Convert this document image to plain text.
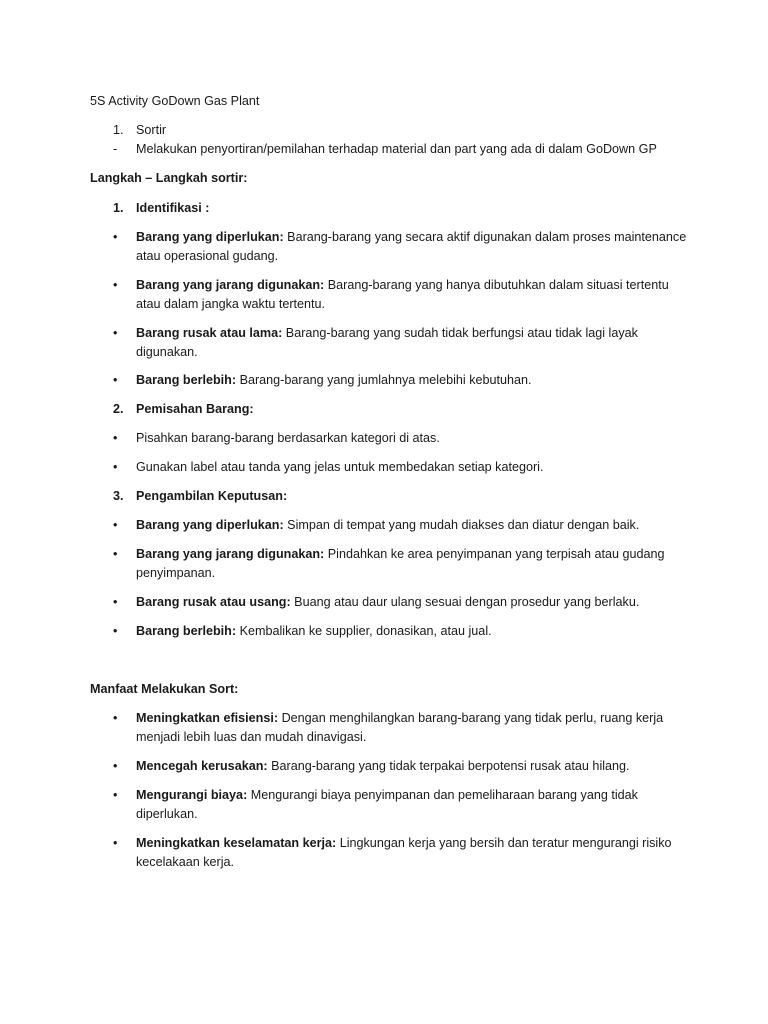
5S Activity GoDown Gas Plant
1. Sortir
- Melakukan penyortiran/pemilahan terhadap material dan part yang ada di dalam GoDown GP
Langkah – Langkah sortir:
1. Identifikasi :
• Barang yang diperlukan: Barang-barang yang secara aktif digunakan dalam proses maintenance atau operasional gudang.
• Barang yang jarang digunakan: Barang-barang yang hanya dibutuhkan dalam situasi tertentu atau dalam jangka waktu tertentu.
• Barang rusak atau lama: Barang-barang yang sudah tidak berfungsi atau tidak lagi layak digunakan.
• Barang berlebih: Barang-barang yang jumlahnya melebihi kebutuhan.
2. Pemisahan Barang:
• Pisahkan barang-barang berdasarkan kategori di atas.
• Gunakan label atau tanda yang jelas untuk membedakan setiap kategori.
3. Pengambilan Keputusan:
• Barang yang diperlukan: Simpan di tempat yang mudah diakses dan diatur dengan baik.
• Barang yang jarang digunakan: Pindahkan ke area penyimpanan yang terpisah atau gudang penyimpanan.
• Barang rusak atau usang: Buang atau daur ulang sesuai dengan prosedur yang berlaku.
• Barang berlebih: Kembalikan ke supplier, donasikan, atau jual.
Manfaat Melakukan Sort:
• Meningkatkan efisiensi: Dengan menghilangkan barang-barang yang tidak perlu, ruang kerja menjadi lebih luas dan mudah dinavigasi.
• Mencegah kerusakan: Barang-barang yang tidak terpakai berpotensi rusak atau hilang.
• Mengurangi biaya: Mengurangi biaya penyimpanan dan pemeliharaan barang yang tidak diperlukan.
• Meningkatkan keselamatan kerja: Lingkungan kerja yang bersih dan teratur mengurangi risiko kecelakaan kerja.
